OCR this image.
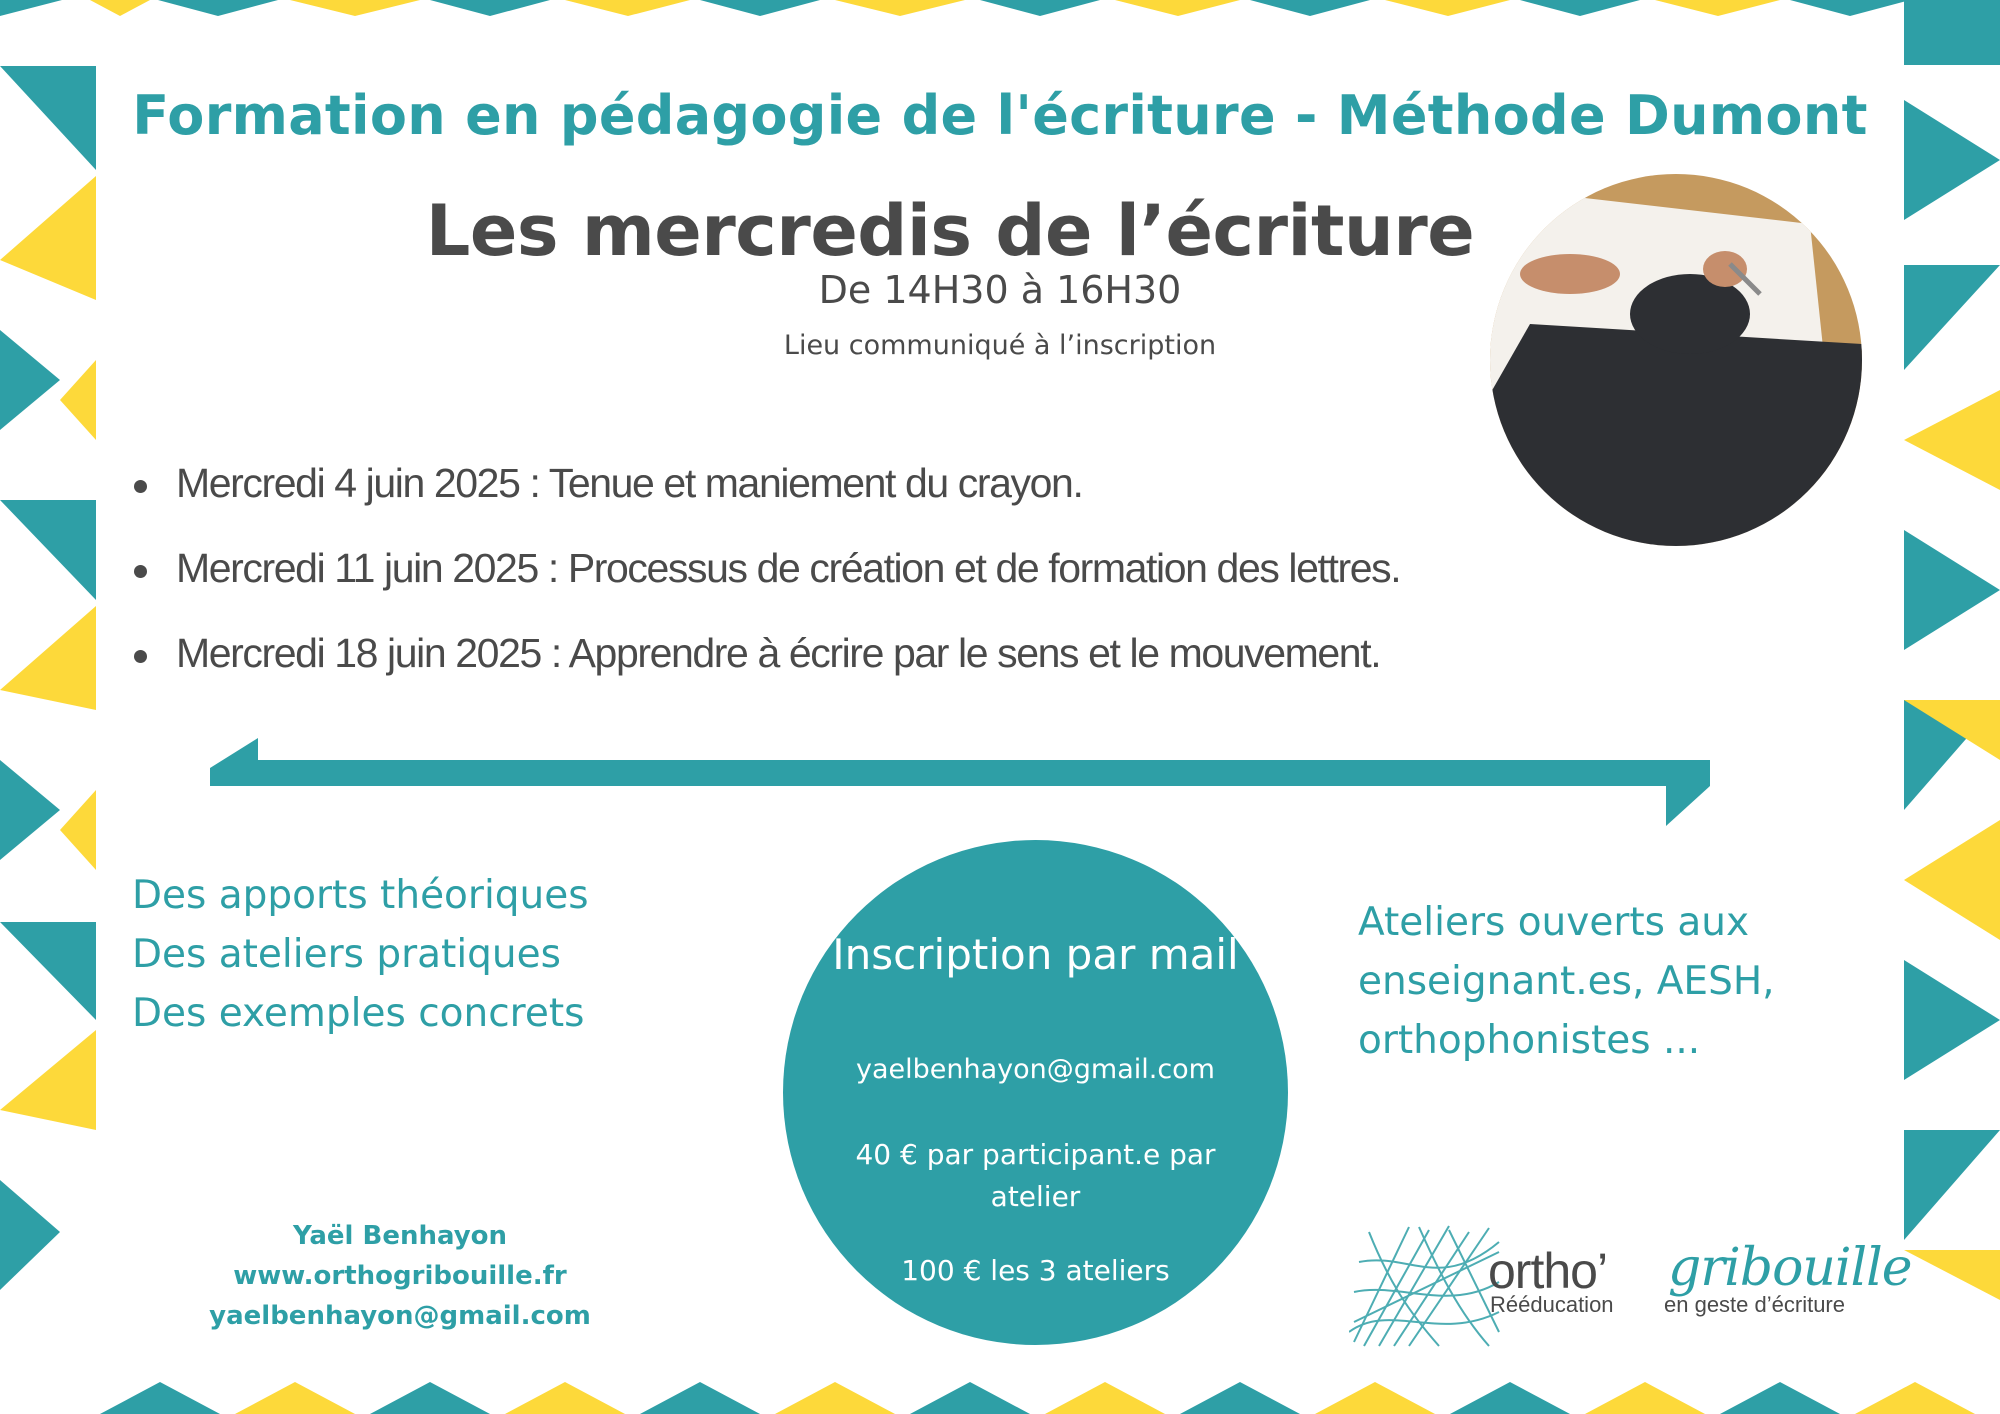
Formation en pédagogie de l'écriture - Méthode Dumont
Les mercredis de l’écriture
De 14H30 à 16H30
Lieu communiqué à l’inscription
Mercredi 4 juin 2025 : Tenue et maniement du crayon.
Mercredi 11 juin 2025 : Processus de création et de formation des lettres.
Mercredi 18 juin 2025 : Apprendre à écrire par le sens et le mouvement.
Des apports théoriques
Des ateliers pratiques
Des exemples concrets
Inscription par mail
yaelbenhayon@gmail.com
40 € par participant.e par atelier
100 € les 3 ateliers
Ateliers ouverts aux enseignant.es, AESH, orthophonistes ...
Yaël Benhayon
www.orthogribouille.fr
yaelbenhayon@gmail.com
ortho’ gribouille
Rééducation en geste d’écriture
